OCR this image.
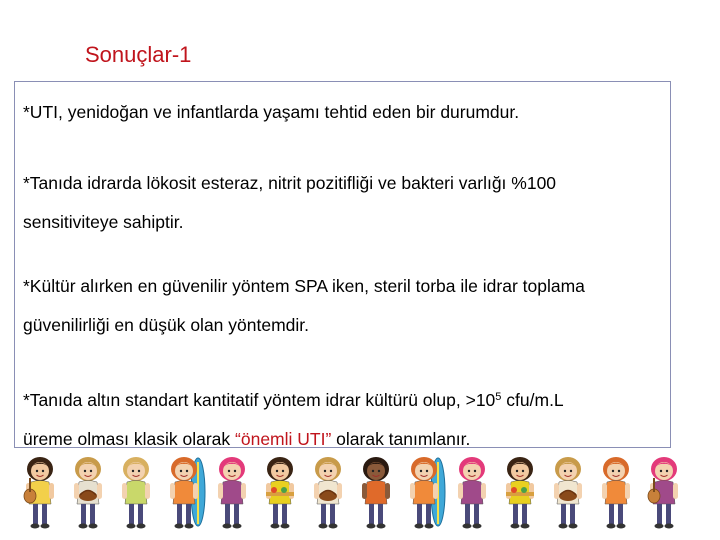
Sonuçlar-1
*UTI, yenidoğan ve infantlarda yaşamı tehtid eden bir durumdur.
*Tanıda idrarda lökosit esteraz, nitrit pozitifliği ve bakteri varlığı %100
sensitiviteye sahiptir.
*Kültür alırken en güvenilir yöntem SPA iken, steril torba ile idrar toplama
güvenilirliği en düşük olan yöntemdir.
*Tanıda altın standart kantitatif yöntem idrar kültürü olup, $>10^5$ cfu/m.L
üreme olması klasik olarak “önemli UTI” olarak tanımlanır.
